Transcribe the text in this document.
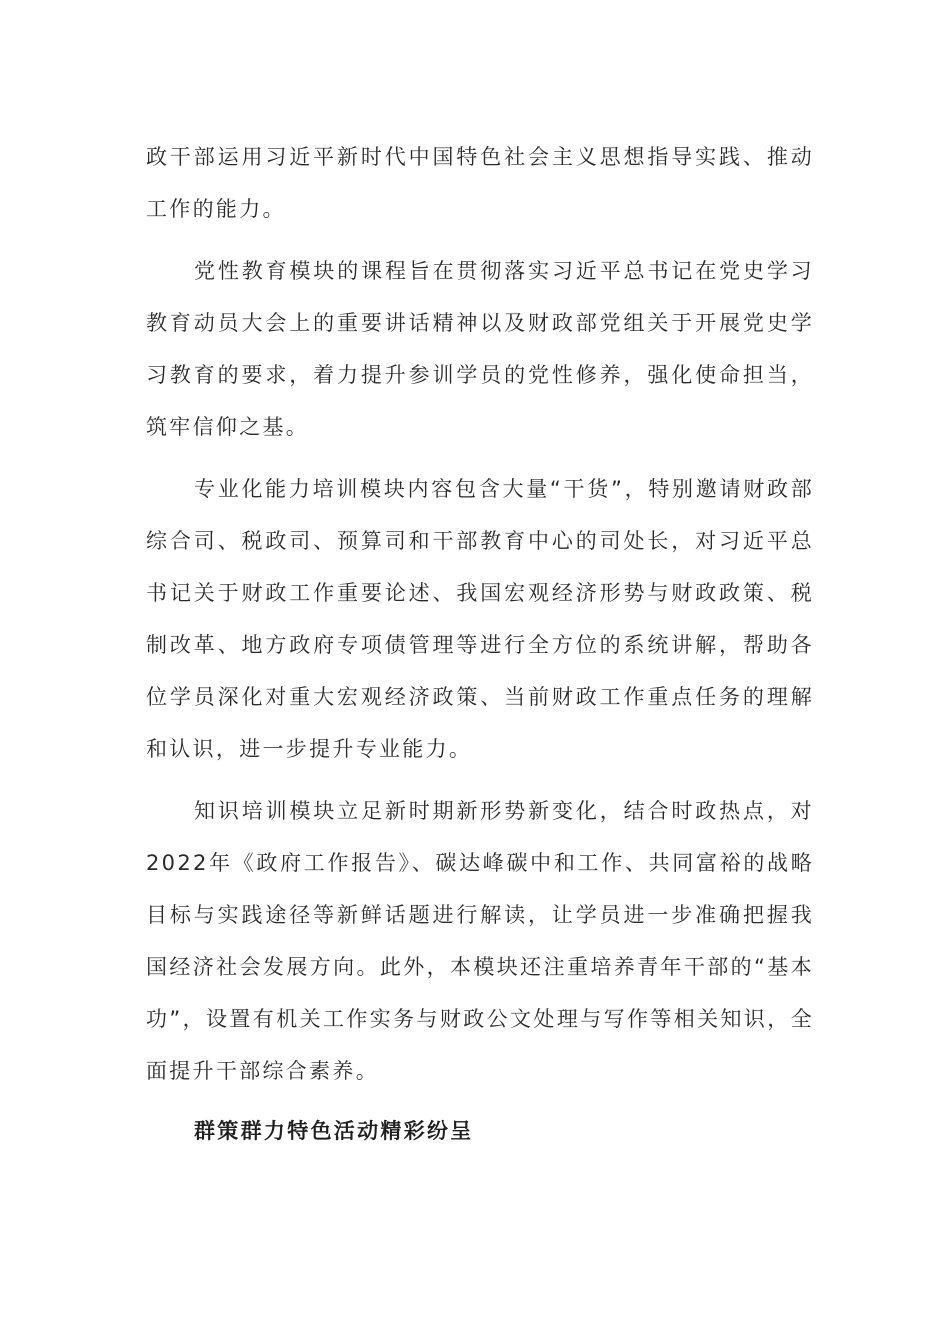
政干部运用习近平新时代中国特色社会主义思想指导实践、推动工作的能力。

党性教育模块的课程旨在贯彻落实习近平总书记在党史学习教育动员大会上的重要讲话精神以及财政部党组关于开展党史学习教育的要求，着力提升参训学员的党性修养，强化使命担当，筑牢信仰之基。

专业化能力培训模块内容包含大量“干货”，特别邀请财政部综合司、税政司、预算司和干部教育中心的司处长，对习近平总书记关于财政工作重要论述、我国宏观经济形势与财政政策、税制改革、地方政府专项债管理等进行全方位的系统讲解，帮助各位学员深化对重大宏观经济政策、当前财政工作重点任务的理解和认识，进一步提升专业能力。

知识培训模块立足新时期新形势新变化，结合时政热点，对2022年《政府工作报告》、碳达峰碳中和工作、共同富裕的战略目标与实践途径等新鲜话题进行解读，让学员进一步准确把握我国经济社会发展方向。此外，本模块还注重培养青年干部的“基本功”，设置有机关工作实务与财政公文处理与写作等相关知识，全面提升干部综合素养。

群策群力特色活动精彩纷呈
